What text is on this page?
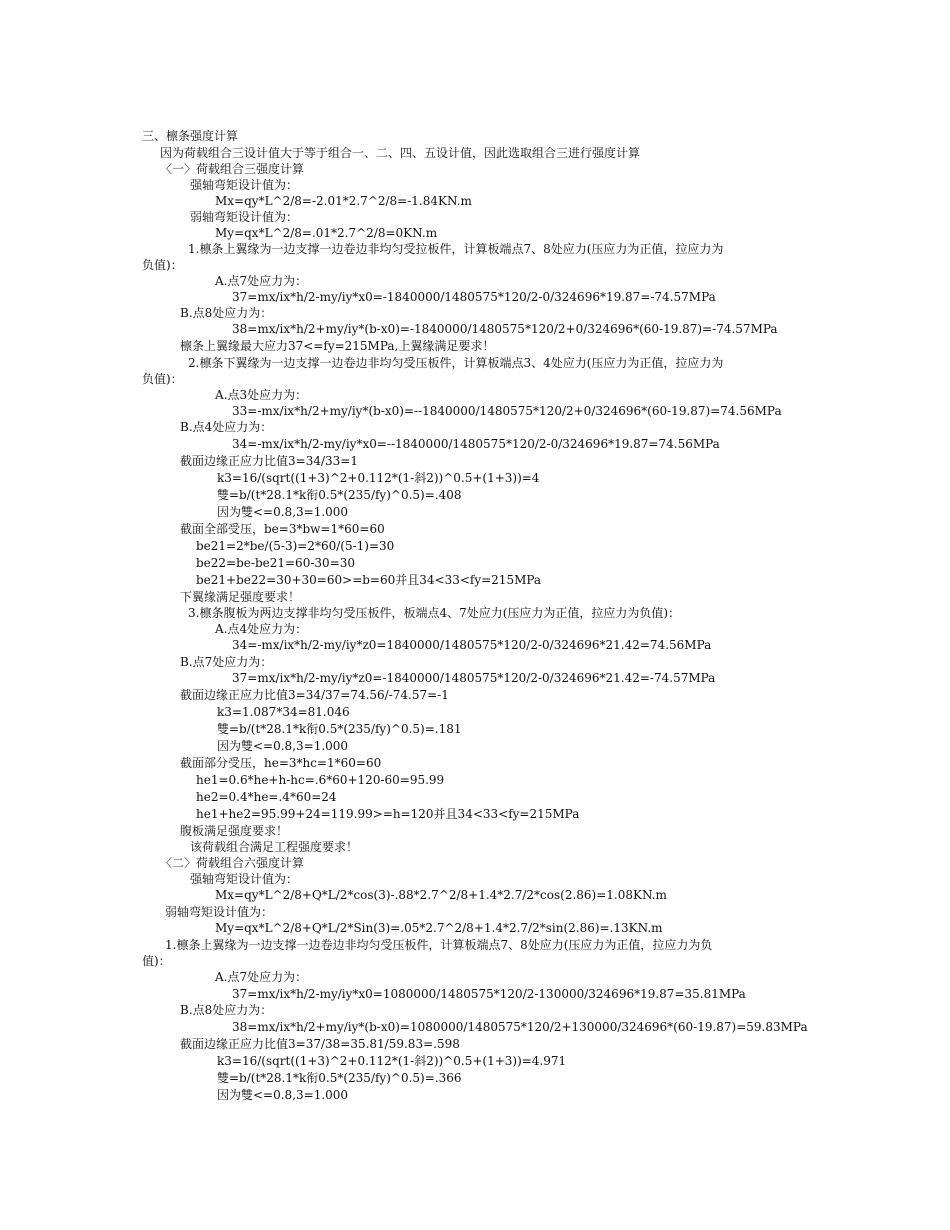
三、檩条强度计算
因为荷载组合三设计值大于等于组合一、二、四、五设计值，因此选取组合三进行强度计算
〈一〉荷载组合三强度计算
强轴弯矩设计值为：
Mx=qy*L^2/8=-2.01*2.7^2/8=-1.84KN.m
弱轴弯矩设计值为：
My=qx*L^2/8=.01*2.7^2/8=0KN.m
1.檩条上翼缘为一边支撑一边卷边非均匀受拉板件，计算板端点7、8处应力(压应力为正值，拉应力为
负值)：
A.点7处应力为：
37=mx/ix*h/2-my/iy*x0=-1840000/1480575*120/2-0/324696*19.87=-74.57MPa
B.点8处应力为：
38=mx/ix*h/2+my/iy*(b-x0)=-1840000/1480575*120/2+0/324696*(60-19.87)=-74.57MPa
檩条上翼缘最大应力37<=fy=215MPa,上翼缘满足要求！
2.檩条下翼缘为一边支撑一边卷边非均匀受压板件，计算板端点3、4处应力(压应力为正值，拉应力为
负值)：
A.点3处应力为：
33=-mx/ix*h/2+my/iy*(b-x0)=--1840000/1480575*120/2+0/324696*(60-19.87)=74.56MPa
B.点4处应力为：
34=-mx/ix*h/2-my/iy*x0=--1840000/1480575*120/2-0/324696*19.87=74.56MPa
截面边缘正应力比值3=34/33=1
k3=16/(sqrt((1+3)^2+0.112*(1-斜2))^0.5+(1+3))=4
雙=b/(t*28.1*k衔0.5*(235/fy)^0.5)=.408
因为雙<=0.8,3=1.000
截面全部受压，be=3*bw=1*60=60
be21=2*be/(5-3)=2*60/(5-1)=30
be22=be-be21=60-30=30
be21+be22=30+30=60>=b=60并且34<33<fy=215MPa
下翼缘满足强度要求！
3.檩条腹板为两边支撑非均匀受压板件，板端点4、7处应力(压应力为正值，拉应力为负值)：
A.点4处应力为：
34=-mx/ix*h/2-my/iy*z0=1840000/1480575*120/2-0/324696*21.42=74.56MPa
B.点7处应力为：
37=mx/ix*h/2-my/iy*z0=-1840000/1480575*120/2-0/324696*21.42=-74.57MPa
截面边缘正应力比值3=34/37=74.56/-74.57=-1
k3=1.087*34=81.046
雙=b/(t*28.1*k衔0.5*(235/fy)^0.5)=.181
因为雙<=0.8,3=1.000
截面部分受压，he=3*hc=1*60=60
he1=0.6*he+h-hc=.6*60+120-60=95.99
he2=0.4*he=.4*60=24
he1+he2=95.99+24=119.99>=h=120并且34<33<fy=215MPa
腹板满足强度要求！
该荷载组合满足工程强度要求！
〈二〉荷载组合六强度计算
强轴弯矩设计值为：
Mx=qy*L^2/8+Q*L/2*cos(3)-.88*2.7^2/8+1.4*2.7/2*cos(2.86)=1.08KN.m
弱轴弯矩设计值为：
My=qx*L^2/8+Q*L/2*Sin(3)=.05*2.7^2/8+1.4*2.7/2*sin(2.86)=.13KN.m
1.檩条上翼缘为一边支撑一边卷边非均匀受压板件，计算板端点7、8处应力(压应力为正值，拉应力为负
值)：
A.点7处应力为：
37=mx/ix*h/2-my/iy*x0=1080000/1480575*120/2-130000/324696*19.87=35.81MPa
B.点8处应力为：
38=mx/ix*h/2+my/iy*(b-x0)=1080000/1480575*120/2+130000/324696*(60-19.87)=59.83MPa
截面边缘正应力比值3=37/38=35.81/59.83=.598
k3=16/(sqrt((1+3)^2+0.112*(1-斜2))^0.5+(1+3))=4.971
雙=b/(t*28.1*k衔0.5*(235/fy)^0.5)=.366
因为雙<=0.8,3=1.000
